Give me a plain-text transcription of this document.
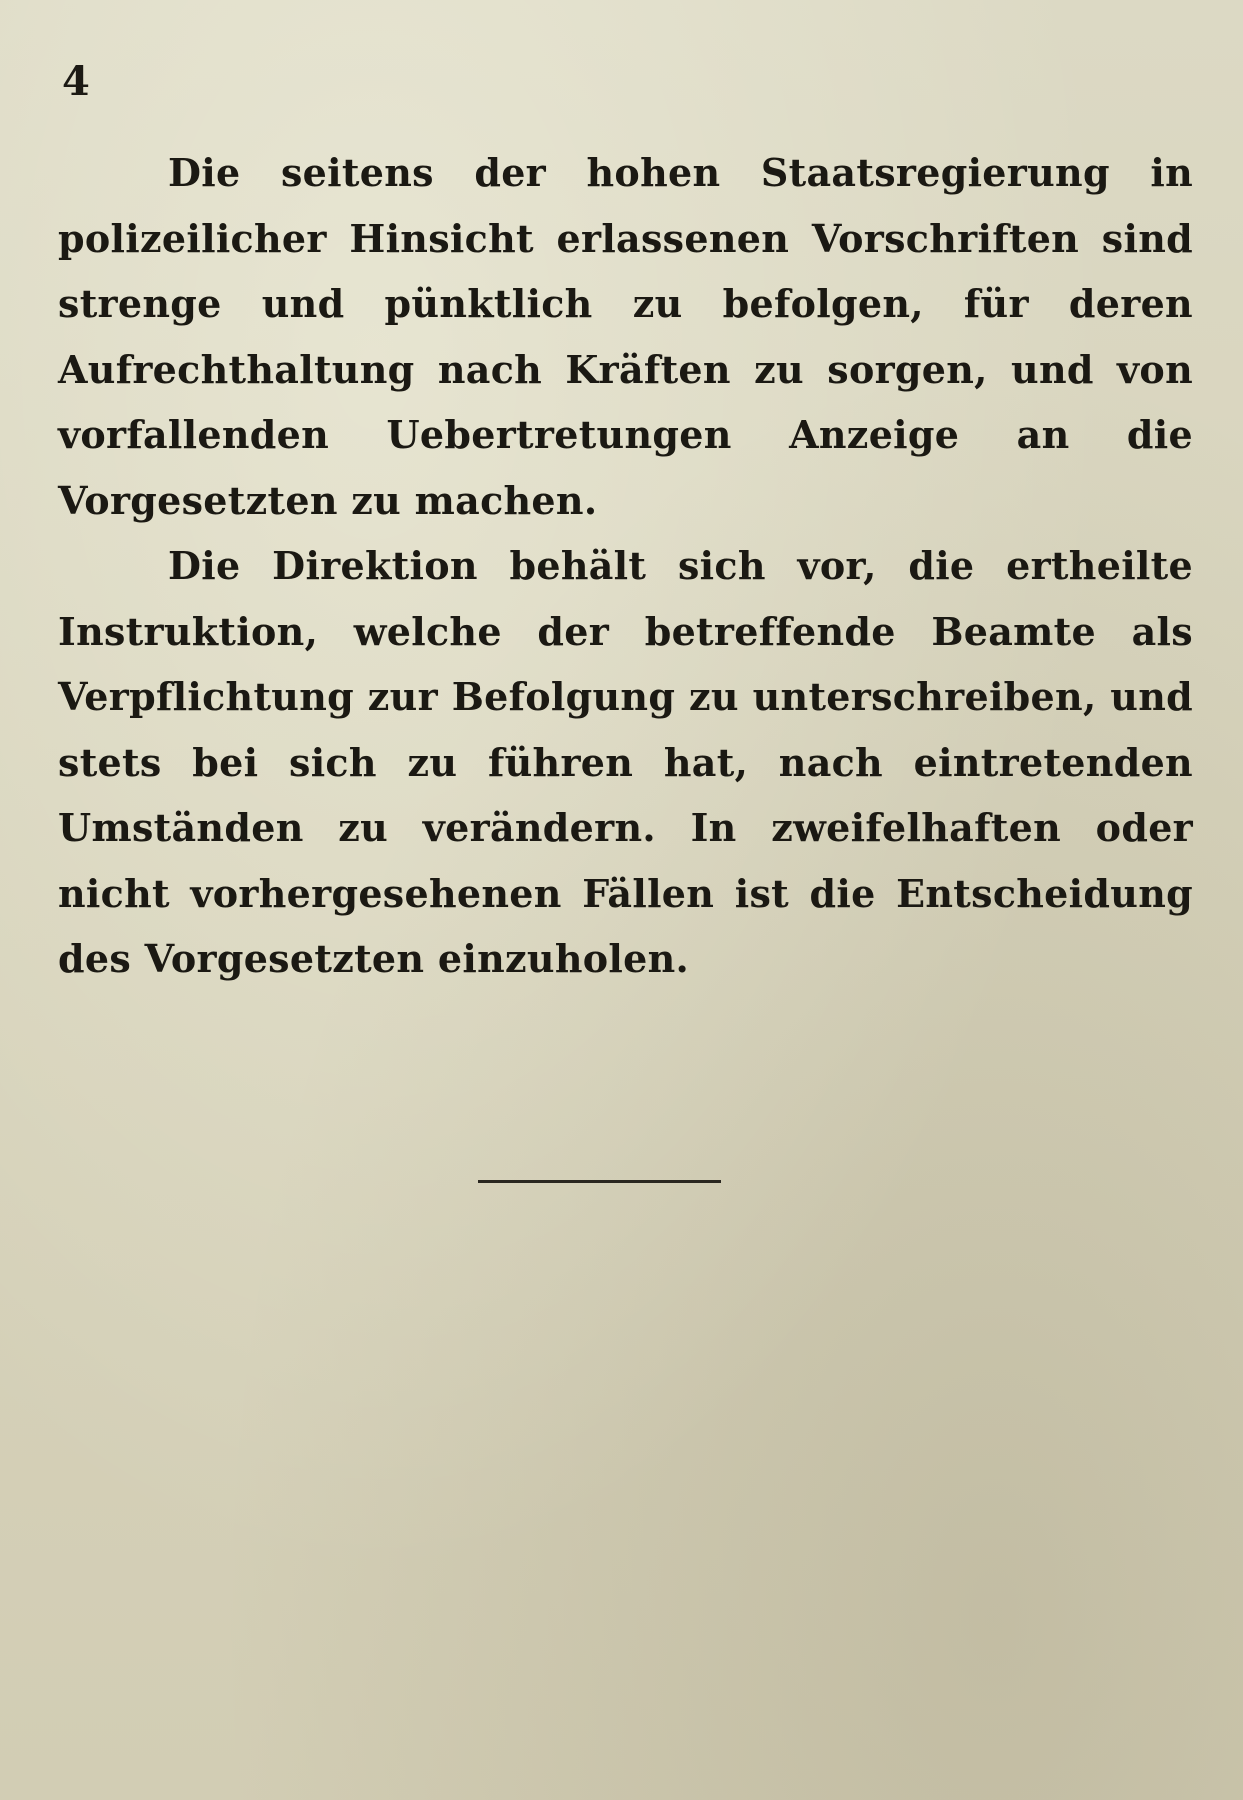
4

Die seitens der hohen Staatsregierung in polizeilicher Hinsicht erlassenen Vorschriften sind strenge und pünktlich zu befolgen, für deren Aufrechthaltung nach Kräften zu sorgen, und von vorfallenden Uebertretungen Anzeige an die Vorgesetzten zu machen.

Die Direktion behält sich vor, die ertheilte Instruktion, welche der betreffende Beamte als Verpflichtung zur Befolgung zu unterschreiben, und stets bei sich zu führen hat, nach eintretenden Umständen zu verändern. In zweifelhaften oder nicht vorhergesehenen Fällen ist die Entscheidung des Vorgesetzten einzuholen.
